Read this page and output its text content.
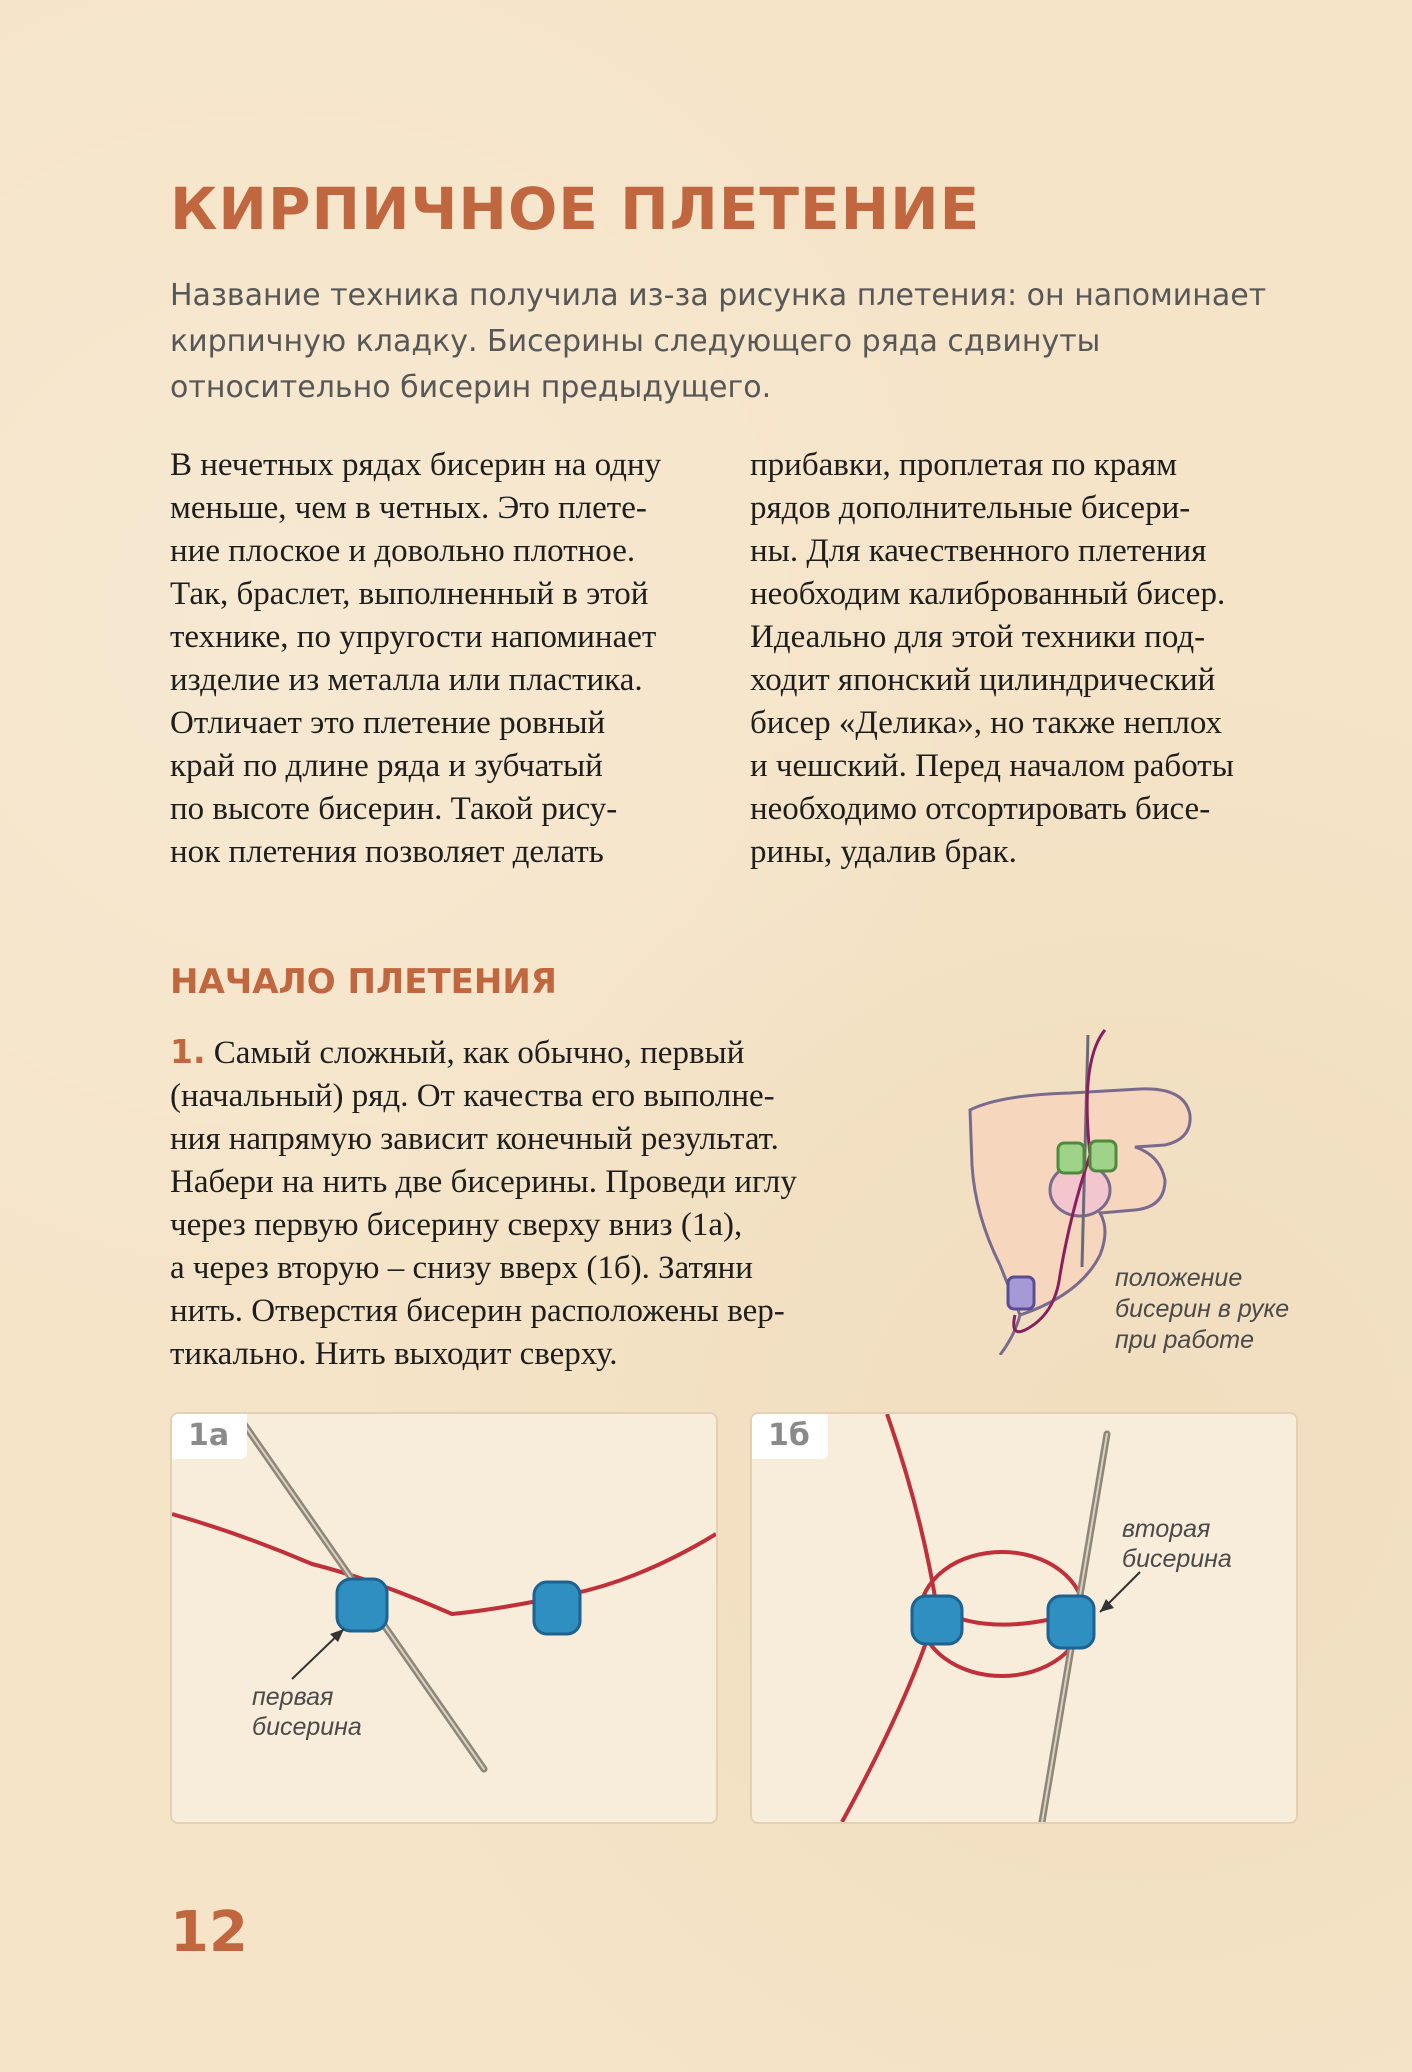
КИРПИЧНОЕ ПЛЕТЕНИЕ

Название техника получила из-за рисунка плетения: он напоминает кирпичную кладку. Бисерины следующего ряда сдвинуты относительно бисерин предыдущего.

В нечетных рядах бисерин на одну
меньше, чем в четных. Это плете-
ние плоское и довольно плотное.
Так, браслет, выполненный в этой
технике, по упругости напоминает
изделие из металла или пластика.
Отличает это плетение ровный
край по длине ряда и зубчатый
по высоте бисерин. Такой рису-
нок плетения позволяет делать
прибавки, проплетая по краям
рядов дополнительные бисери-
ны. Для качественного плетения
необходим калиброванный бисер.
Идеально для этой техники под-
ходит японский цилиндрический
бисер «Делика», но также неплох
и чешский. Перед началом работы
необходимо отсортировать бисе-
рины, удалив брак.
НАЧАЛО ПЛЕТЕНИЯ
1. Самый сложный, как обычно, первый
(начальный) ряд. От качества его выполне-
ния напрямую зависит конечный результат.
Набери на нить две бисерины. Проведи иглу
через первую бисерину сверху вниз (1а),
а через вторую – снизу вверх (1б). Затяни
нить. Отверстия бисерин расположены вер-
тикально. Нить выходит сверху.
положение
бисерин в руке
при работе
1а
первая
бисерина
1б
вторая
бисерина
12
